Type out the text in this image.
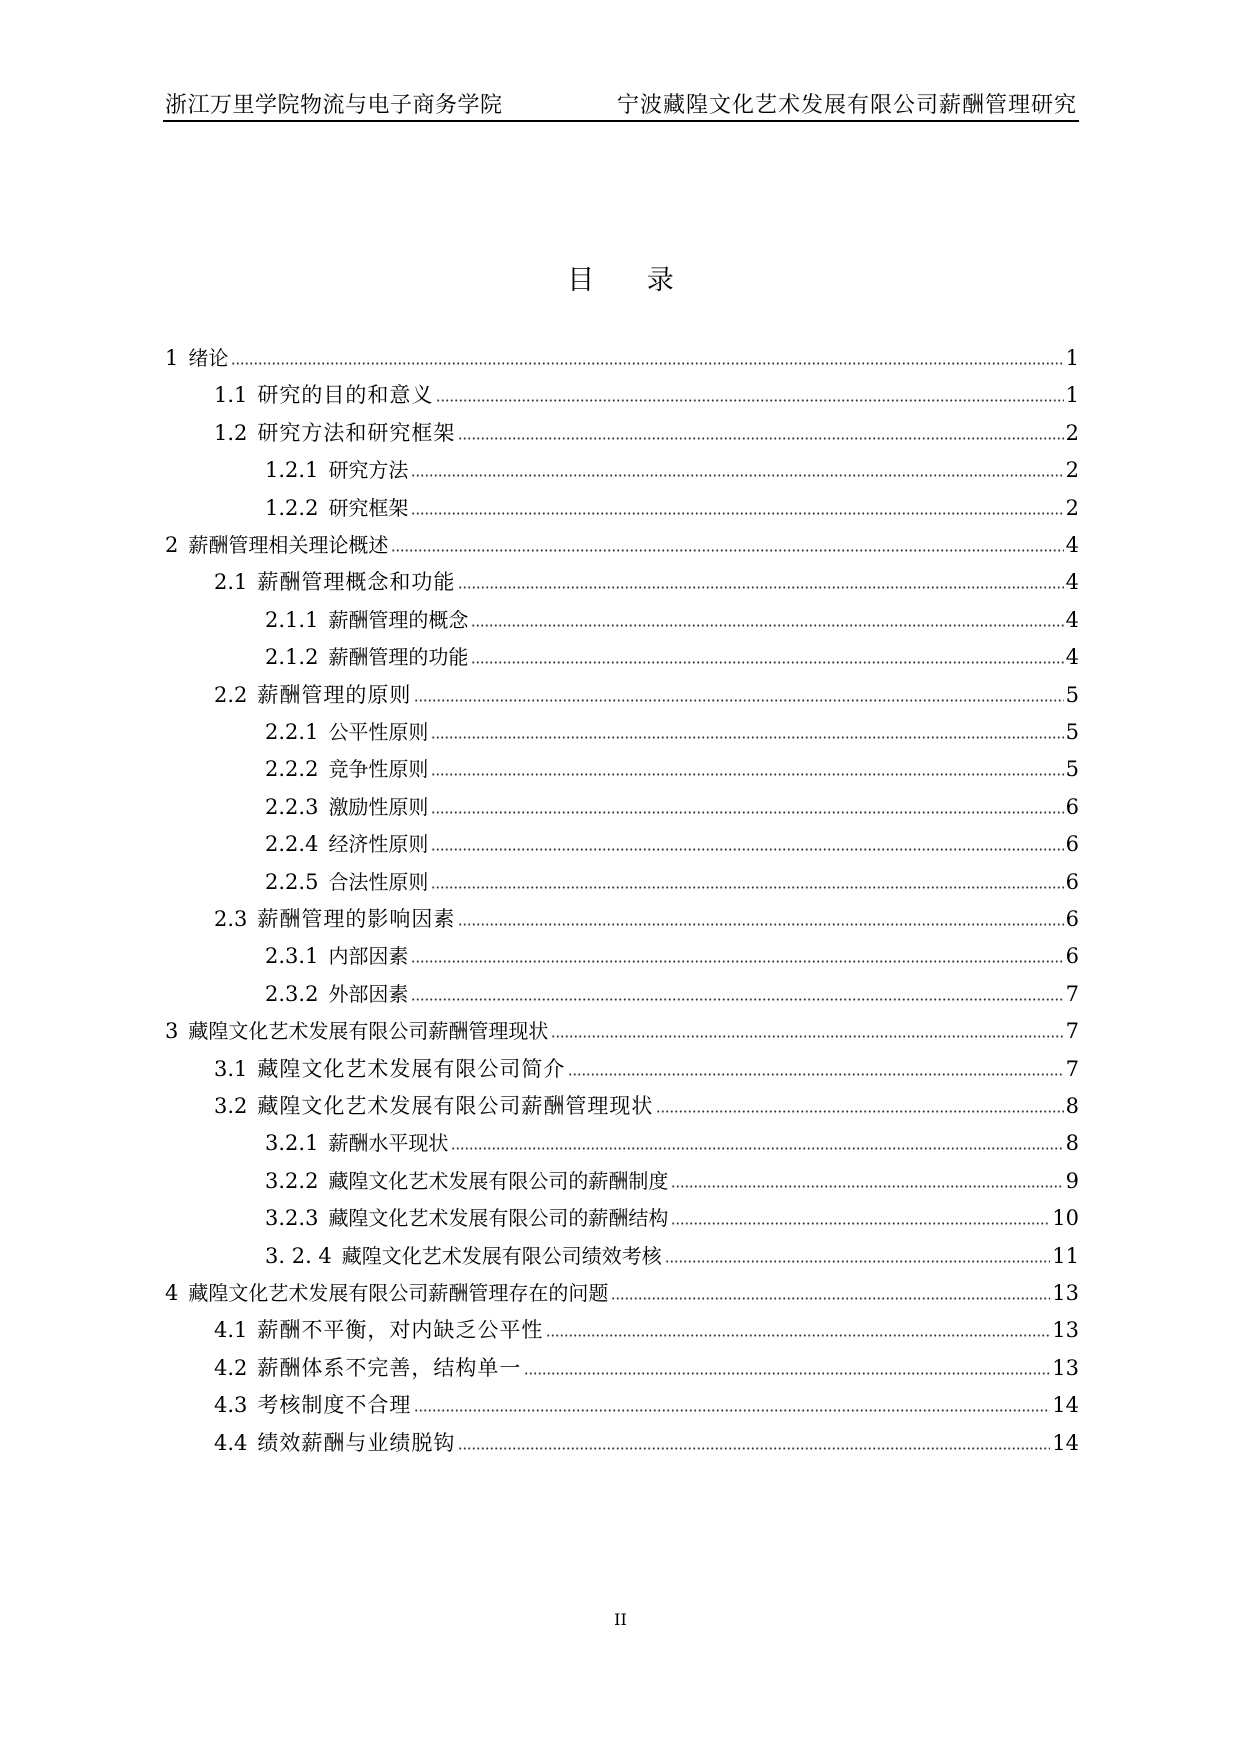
浙江万里学院物流与电子商务学院	宁波藏隍文化艺术发展有限公司薪酬管理研究
目 录
1 绪论	1
1.1 研究的目的和意义	1
1.2 研究方法和研究框架	2
1.2.1 研究方法	2
1.2.2 研究框架	2
2 薪酬管理相关理论概述	4
2.1 薪酬管理概念和功能	4
2.1.1 薪酬管理的概念	4
2.1.2 薪酬管理的功能	4
2.2 薪酬管理的原则	5
2.2.1 公平性原则	5
2.2.2 竞争性原则	5
2.2.3 激励性原则	6
2.2.4 经济性原则	6
2.2.5 合法性原则	6
2.3 薪酬管理的影响因素	6
2.3.1 内部因素	6
2.3.2 外部因素	7
3 藏隍文化艺术发展有限公司薪酬管理现状	7
3.1 藏隍文化艺术发展有限公司简介	7
3.2 藏隍文化艺术发展有限公司薪酬管理现状	8
3.2.1 薪酬水平现状	8
3.2.2 藏隍文化艺术发展有限公司的薪酬制度	9
3.2.3 藏隍文化艺术发展有限公司的薪酬结构	10
3. 2. 4 藏隍文化艺术发展有限公司绩效考核	11
4 藏隍文化艺术发展有限公司薪酬管理存在的问题	13
4.1 薪酬不平衡，对内缺乏公平性	13
4.2 薪酬体系不完善，结构单一	13
4.3 考核制度不合理	14
4.4 绩效薪酬与业绩脱钩	14
II
